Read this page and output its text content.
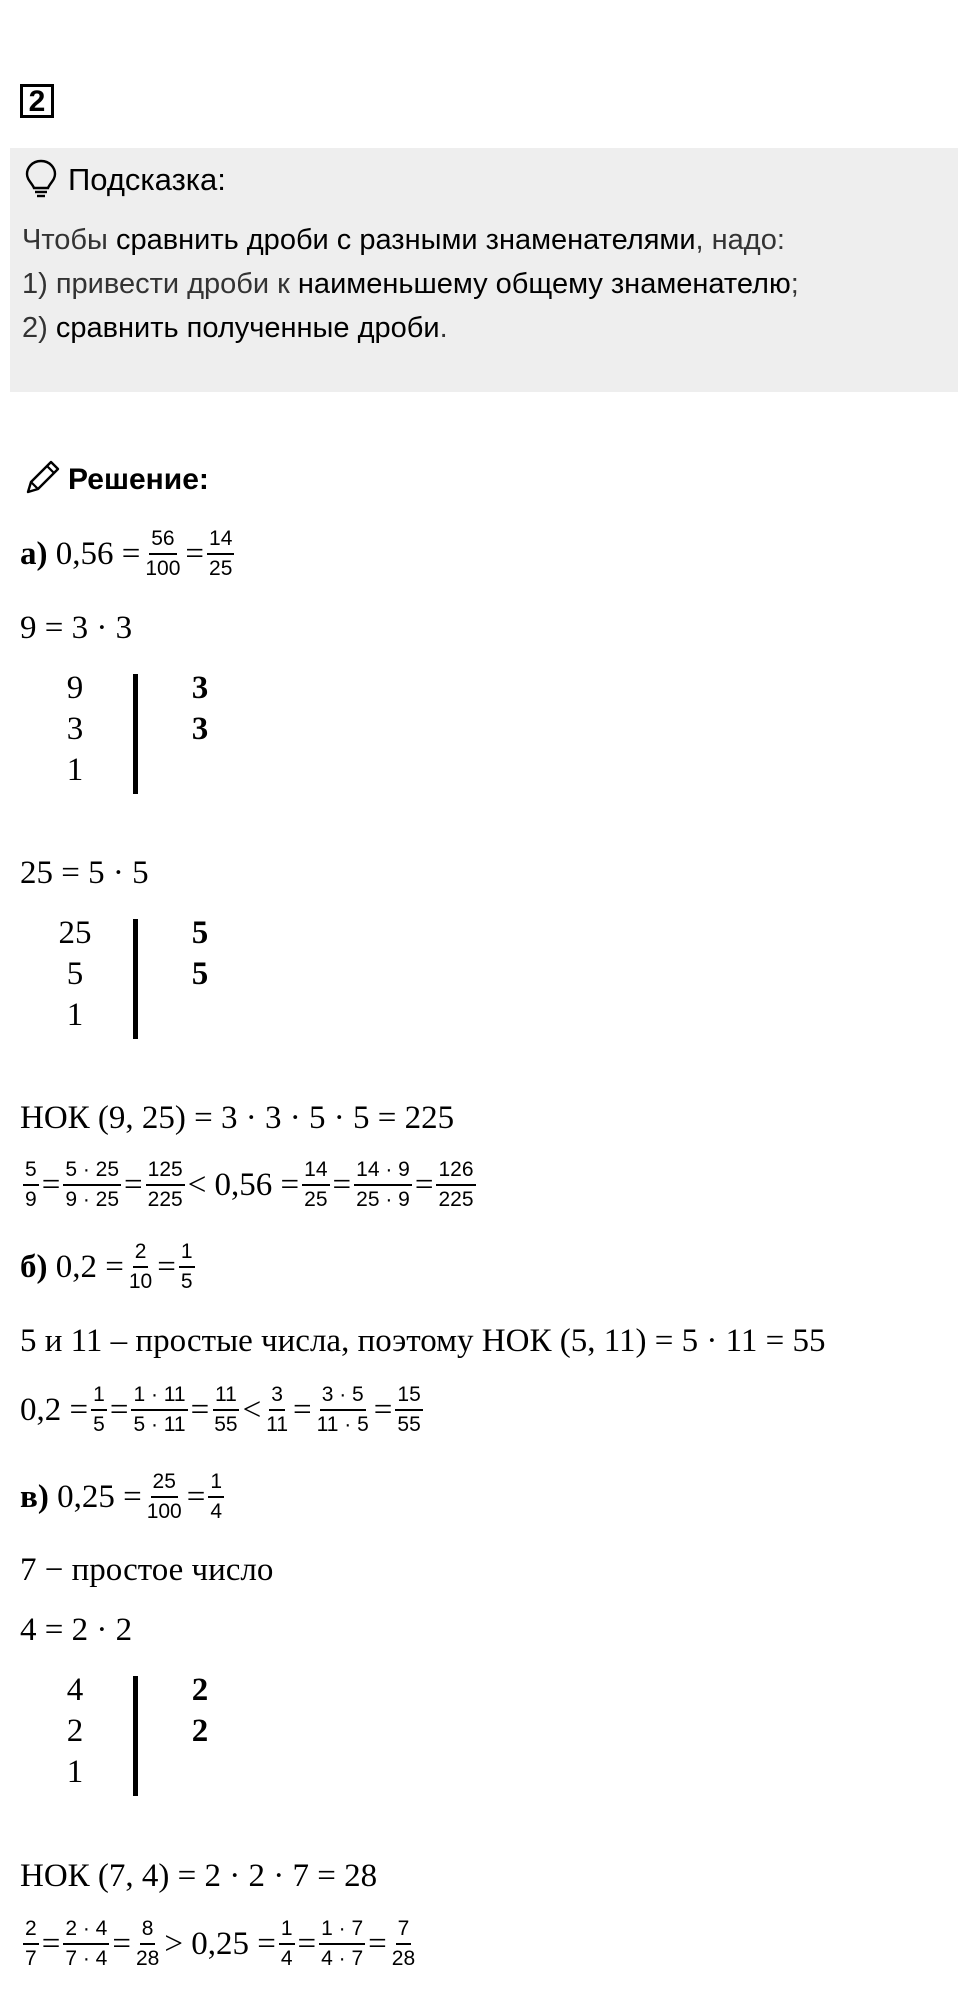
2
Подсказка:
Чтобы сравнить дроби с разными знаменателями, надо:
1) привести дроби к наименьшему общему знаменателю;
2) сравнить полученные дроби.
Решение:
а)
$0,56 = \frac{56}{100} = \frac{14}{25}$
9 = 3 · 3
9
3
1
3
3
25 = 5 · 5
25
5
1
5
5
НОК (9, 25) = 3 · 3 · 5 · 5 = 225
$\frac{5}{9} = \frac{5 \cdot 25}{9 \cdot 25} = \frac{125}{225} < 0,56 = \frac{14}{25} = \frac{14 \cdot 9}{25 \cdot 9} = \frac{126}{225}$
б)
$0,2 = \frac{2}{10} = \frac{1}{5}$
5 и 11 – простые числа, поэтому НОК (5, 11) = 5 · 11 = 55
$0,2 = \frac{1}{5} = \frac{1 \cdot 11}{5 \cdot 11} = \frac{11}{55} < \frac{3}{11} = \frac{3 \cdot 5}{11 \cdot 5} = \frac{15}{55}$
в)
$0,25 = \frac{25}{100} = \frac{1}{4}$
7 − простое число
4 = 2 · 2
4
2
1
2
2
НОК (7, 4) = 2 · 2 · 7 = 28
$\frac{2}{7} = \frac{2 \cdot 4}{7 \cdot 4} = \frac{8}{28} > 0,25 = \frac{1}{4} = \frac{1 \cdot 7}{4 \cdot 7} = \frac{7}{28}$
